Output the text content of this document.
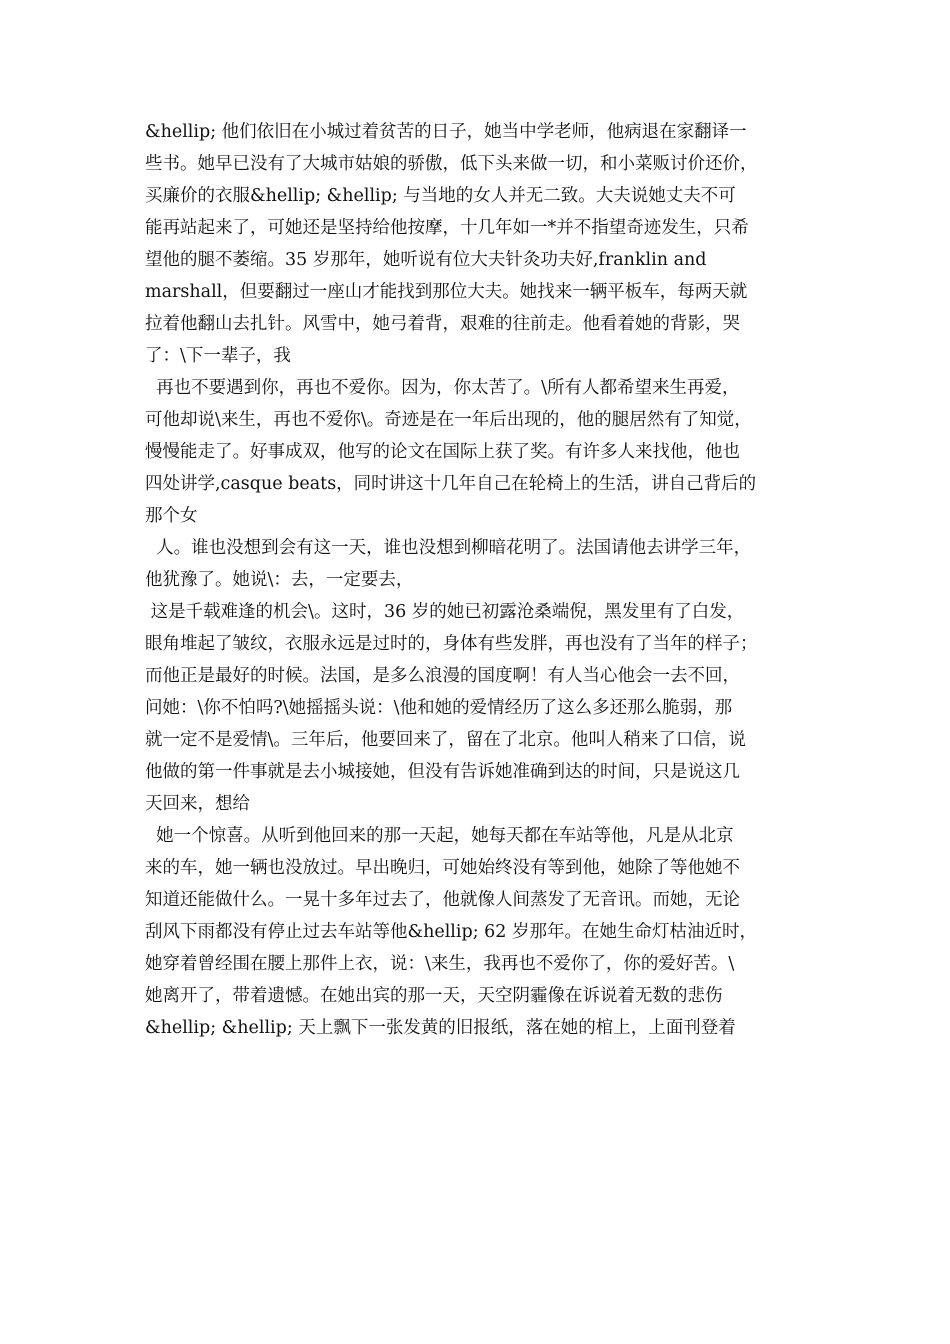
&hellip; 他们依旧在小城过着贫苦的日子，她当中学老师，他病退在家翻译一
些书。她早已没有了大城市姑娘的骄傲，低下头来做一切，和小菜贩讨价还价，
买廉价的衣服&hellip; &hellip; 与当地的女人并无二致。大夫说她丈夫不可
能再站起来了，可她还是坚持给他按摩，十几年如一*并不指望奇迹发生，只希
望他的腿不萎缩。35 岁那年，她听说有位大夫针灸功夫好,franklin and
marshall，但要翻过一座山才能找到那位大夫。她找来一辆平板车，每两天就
拉着他翻山去扎针。风雪中，她弓着背，艰难的往前走。他看着她的背影，哭
了：\下一辈子，我
再也不要遇到你，再也不爱你。因为，你太苦了。\所有人都希望来生再爱，
可他却说\来生，再也不爱你\。奇迹是在一年后出现的，他的腿居然有了知觉，
慢慢能走了。好事成双，他写的论文在国际上获了奖。有许多人来找他，他也
四处讲学,casque beats，同时讲这十几年自己在轮椅上的生活，讲自己背后的
那个女
人。谁也没想到会有这一天，谁也没想到柳暗花明了。法国请他去讲学三年，
他犹豫了。她说\：去，一定要去，
这是千载难逢的机会\。这时，36 岁的她已初露沧桑端倪，黑发里有了白发，
眼角堆起了皱纹，衣服永远是过时的，身体有些发胖，再也没有了当年的样子；
而他正是最好的时候。法国，是多么浪漫的国度啊！有人当心他会一去不回，
问她：\你不怕吗?\她摇摇头说：\他和她的爱情经历了这么多还那么脆弱，那
就一定不是爱情\。三年后，他要回来了，留在了北京。他叫人稍来了口信，说
他做的第一件事就是去小城接她，但没有告诉她准确到达的时间，只是说这几
天回来，想给
她一个惊喜。从听到他回来的那一天起，她每天都在车站等他，凡是从北京
来的车，她一辆也没放过。早出晚归，可她始终没有等到他，她除了等他她不
知道还能做什么。一晃十多年过去了，他就像人间蒸发了无音讯。而她，无论
刮风下雨都没有停止过去车站等他&hellip; 62 岁那年。在她生命灯枯油近时，
她穿着曾经围在腰上那件上衣，说：\来生，我再也不爱你了，你的爱好苦。\
她离开了，带着遗憾。在她出宾的那一天，天空阴霾像在诉说着无数的悲伤
&hellip; &hellip; 天上飘下一张发黄的旧报纸，落在她的棺上，上面刊登着
